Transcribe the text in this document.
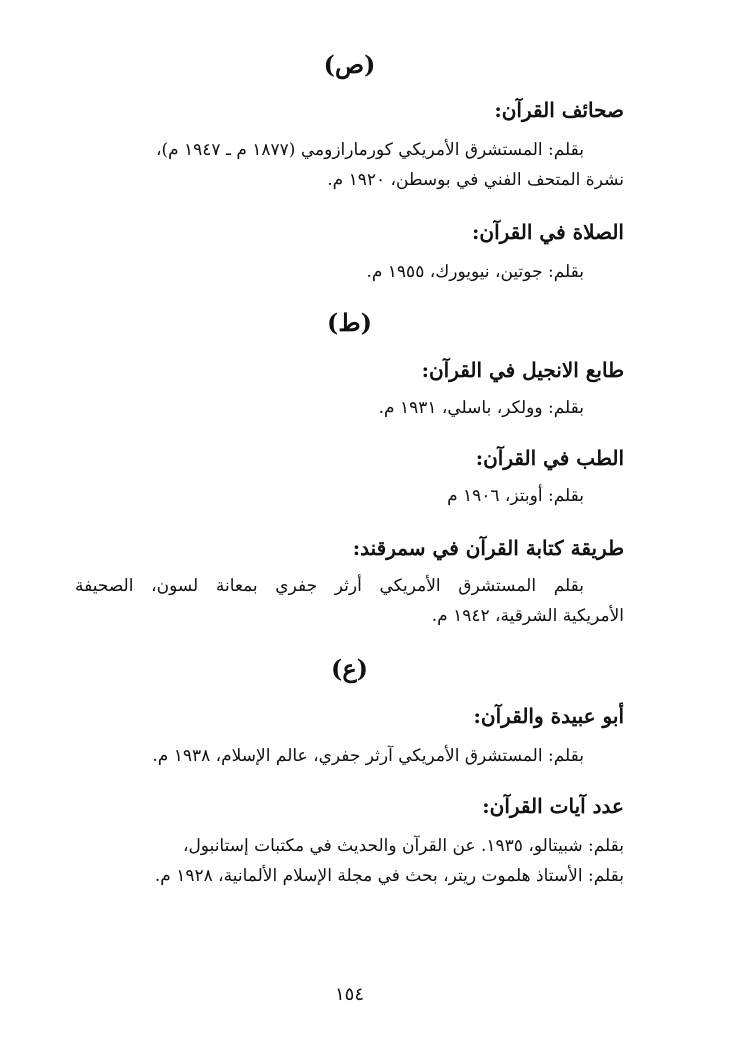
(ص)
صحائف القرآن:
بقلم: المستشرق الأمريكي كورمارازومي (١٨٧٧ م ـ ١٩٤٧ م)،
نشرة المتحف الفني في بوسطن، ١٩٢٠ م.
الصلاة في القرآن:
بقلم: جوتين، نيويورك، ١٩٥٥ م.
(ط)
طابع الانجيل في القرآن:
بقلم: وولكر، باسلي، ١٩٣١ م.
الطب في القرآن:
بقلم: أوبتز، ١٩٠٦ م
طريقة كتابة القرآن في سمرقند:
بقلم المستشرق الأمريكي أرثر جفري بمعانة لسون، الصحيفة
الأمريكية الشرقية، ١٩٤٢ م.
(ع)
أبو عبيدة والقرآن:
بقلم: المستشرق الأمريكي آرثر جفري، عالم الإسلام، ١٩٣٨ م.
عدد آيات القرآن:
بقلم: شبيتالو، ١٩٣٥. عن القرآن والحديث في مكتبات إستانبول،
بقلم: الأستاذ هلموت ريتر، بحث في مجلة الإسلام الألمانية، ١٩٢٨ م.
١٥٤
